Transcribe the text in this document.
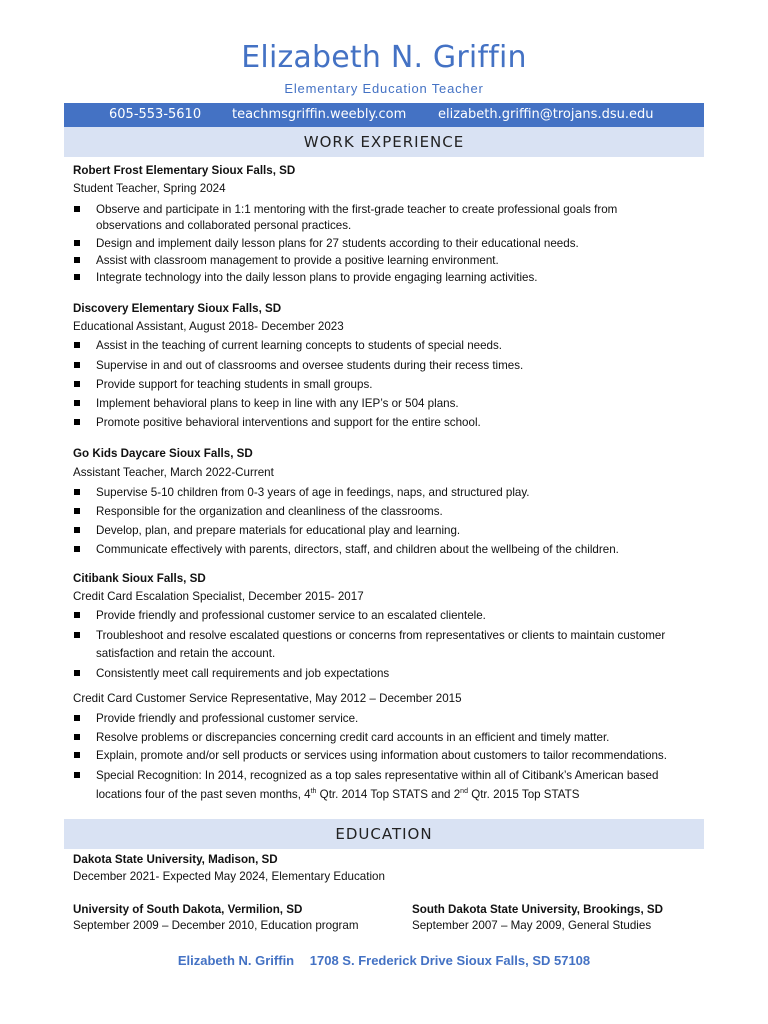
Elizabeth N. Griffin
Elementary Education Teacher
605-553-5610 teachmsgriffin.weebly.com elizabeth.griffin@trojans.dsu.edu
WORK EXPERIENCE
Robert Frost Elementary Sioux Falls, SD
Student Teacher, Spring 2024
Observe and participate in 1:1 mentoring with the first-grade teacher to create professional goals from
observations and collaborated personal practices.
Design and implement daily lesson plans for 27 students according to their educational needs.
Assist with classroom management to provide a positive learning environment.
Integrate technology into the daily lesson plans to provide engaging learning activities.
Discovery Elementary Sioux Falls, SD
Educational Assistant, August 2018- December 2023
Assist in the teaching of current learning concepts to students of special needs.
Supervise in and out of classrooms and oversee students during their recess times.
Provide support for teaching students in small groups.
Implement behavioral plans to keep in line with any IEP’s or 504 plans.
Promote positive behavioral interventions and support for the entire school.
Go Kids Daycare Sioux Falls, SD
Assistant Teacher, March 2022-Current
Supervise 5-10 children from 0-3 years of age in feedings, naps, and structured play.
Responsible for the organization and cleanliness of the classrooms.
Develop, plan, and prepare materials for educational play and learning.
Communicate effectively with parents, directors, staff, and children about the wellbeing of the children.
Citibank Sioux Falls, SD
Credit Card Escalation Specialist, December 2015- 2017
Provide friendly and professional customer service to an escalated clientele.
Troubleshoot and resolve escalated questions or concerns from representatives or clients to maintain customer
satisfaction and retain the account.
Consistently meet call requirements and job expectations
Credit Card Customer Service Representative, May 2012 – December 2015
Provide friendly and professional customer service.
Resolve problems or discrepancies concerning credit card accounts in an efficient and timely matter.
Explain, promote and/or sell products or services using information about customers to tailor recommendations.
Special Recognition: In 2014, recognized as a top sales representative within all of Citibank’s American based
locations four of the past seven months, 4th Qtr. 2014 Top STATS and 2nd Qtr. 2015 Top STATS
EDUCATION
Dakota State University, Madison, SD
December 2021- Expected May 2024, Elementary Education
University of South Dakota, Vermilion, SD
September 2009 – December 2010, Education program
South Dakota State University, Brookings, SD
September 2007 – May 2009, General Studies
Elizabeth N. Griffin 1708 S. Frederick Drive Sioux Falls, SD 57108
